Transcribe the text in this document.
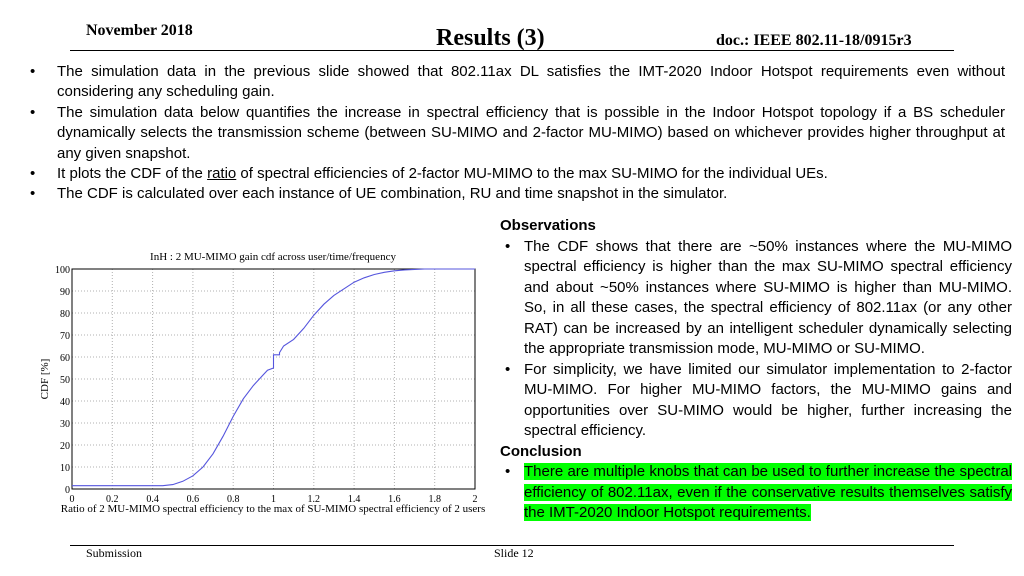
November 2018	Results (3)	doc.: IEEE 802.11-18/0915r3
• The simulation data in the previous slide showed that 802.11ax DL satisfies the IMT-2020 Indoor Hotspot requirements even without considering any scheduling gain.
• The simulation data below quantifies the increase in spectral efficiency that is possible in the Indoor Hotspot topology if a BS scheduler dynamically selects the transmission scheme (between SU-MIMO and 2-factor MU-MIMO) based on whichever provides higher throughput at any given snapshot.
• It plots the CDF of the ratio of spectral efficiencies of 2-factor MU-MIMO to the max SU-MIMO for the individual UEs.
• The CDF is calculated over each instance of UE combination, RU and time snapshot in the simulator.
InH : 2 MU-MIMO gain cdf across user/time/frequency
0
10
20
30
40
50
60
70
80
90
100
0	0.2	0.4	0.6	0.8	1	1.2	1.4	1.6	1.8	2
CDF [%]
Ratio of 2 MU-MIMO spectral efficiency to the max of SU-MIMO spectral efficiency of 2 users
Observations
• The CDF shows that there are ~50% instances where the MU-MIMO spectral efficiency is higher than the max SU-MIMO spectral efficiency and about ~50% instances where SU-MIMO is higher than MU-MIMO. So, in all these cases, the spectral efficiency of 802.11ax (or any other RAT) can be increased by an intelligent scheduler dynamically selecting the appropriate transmission mode, MU-MIMO or SU-MIMO.
• For simplicity, we have limited our simulator implementation to 2-factor MU-MIMO. For higher MU-MIMO factors, the MU-MIMO gains and opportunities over SU-MIMO would be higher, further increasing the spectral efficiency.
Conclusion
• There are multiple knobs that can be used to further increase the spectral efficiency of 802.11ax, even if the conservative results themselves satisfy the IMT-2020 Indoor Hotspot requirements.
Submission	Slide 12
